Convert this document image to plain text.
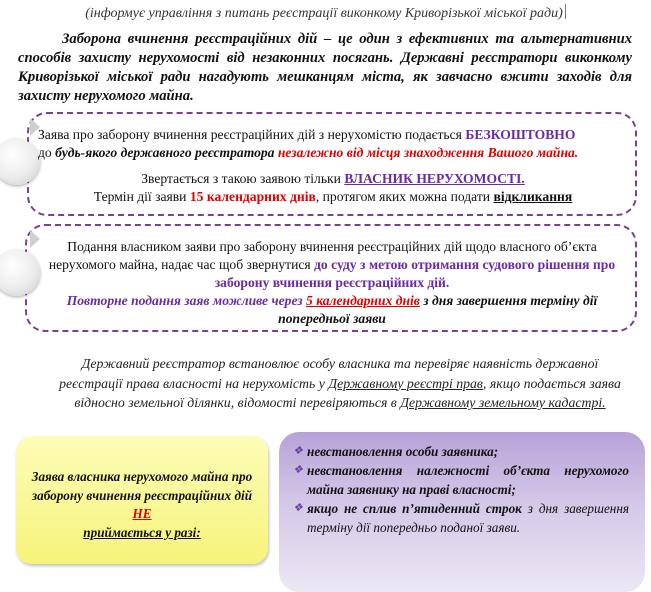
(інформує управління з питань реєстрації виконкому Криворізької міської ради)
Заборона вчинення реєстраційних дій – це один з ефективних та альтернативних способів захисту нерухомості від незаконних посягань. Державні реєстратори виконкому Криворізької міської ради нагадують мешканцям міста, як завчасно вжити заходів для захисту нерухомого майна.
Заява про заборону вчинення реєстраційних дій з нерухомістю подається БЕЗКОШТОВНО
до будь-якого державного реєстратора незалежно від місця знаходження Вашого майна.
Звертається з такою заявою тільки ВЛАСНИК НЕРУХОМОСТІ.
Термін дії заяви 15 календарних днів, протягом яких можна подати відкликання
Подання власником заяви про заборону вчинення реєстраційних дій щодо власного об’єкта нерухомого майна, надає час щоб звернутися до суду з метою отримання судового рішення про заборону вчинення реєстраційних дій.
Повторне подання заяв можливе через 5 календарних днів з дня завершення терміну дії попередньої заяви
Державний реєстратор встановлює особу власника та перевіряє наявність державної реєстрації права власності на нерухомість у Державному реєстрі прав, якщо подається заява відносно земельної ділянки, відомості перевіряються в Державному земельному кадастрі.
Заява власника нерухомого майна про заборону вчинення реєстраційних дій НЕ
приймається у разі:
❖ невстановлення особи заявника;
❖ невстановлення належності об’єкта нерухомого майна заявнику на праві власності;
❖ якщо не сплив п’ятиденний строк з дня завершення терміну дії попередньо поданої заяви.
